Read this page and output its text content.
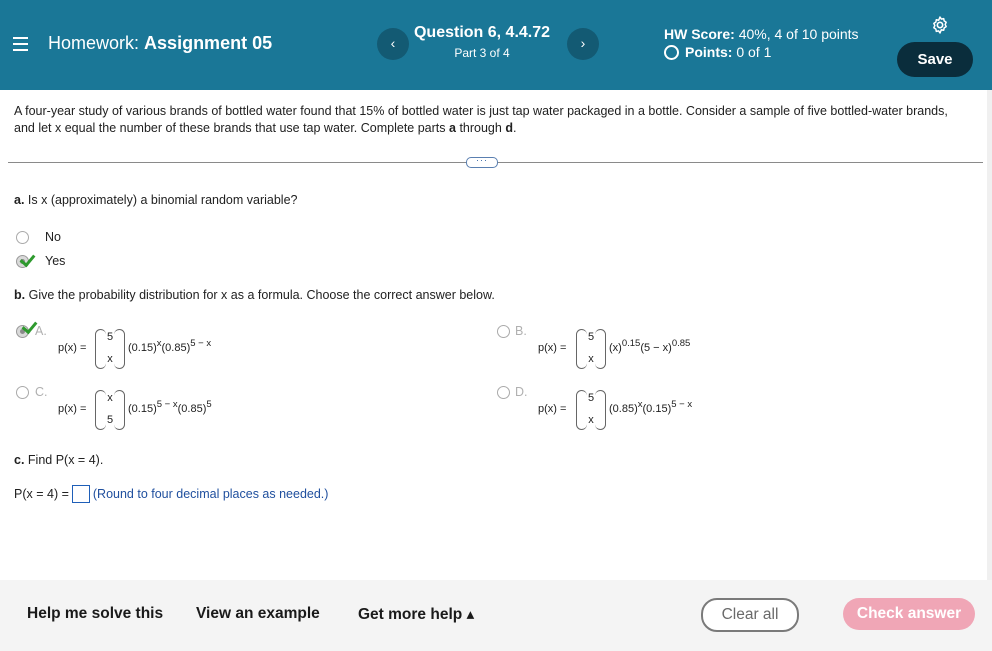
Homework: Assignment 05	‹
Question 6, 4.4.72
Part 3 of 4
›
HW Score: 40%, 4 of 10 points
Points: 0 of 1	Save
A four-year study of various brands of bottled water found that 15% of bottled water is just tap water packaged in a bottle. Consider a sample of five bottled-water brands, and let x equal the number of these brands that use tap water. Complete parts a through d.
···
a. Is x (approximately) a binomial random variable?
No
Yes
b. Give the probability distribution for x as a formula. Choose the correct answer below.
A.
p(x) =
5
x
(0.15)x(0.85)5 − x
B.
p(x) =
5
x
(x)0.15(5 − x)0.85
C.
p(x) =
x
5
(0.15)5 − x(0.85)5
D.
p(x) =
5
x
(0.85)x(0.15)5 − x
c. Find P(x = 4).
P(x = 4) = (Round to four decimal places as needed.)
Help me solve this View an example Get more help ▴	Clear all	Check answer
